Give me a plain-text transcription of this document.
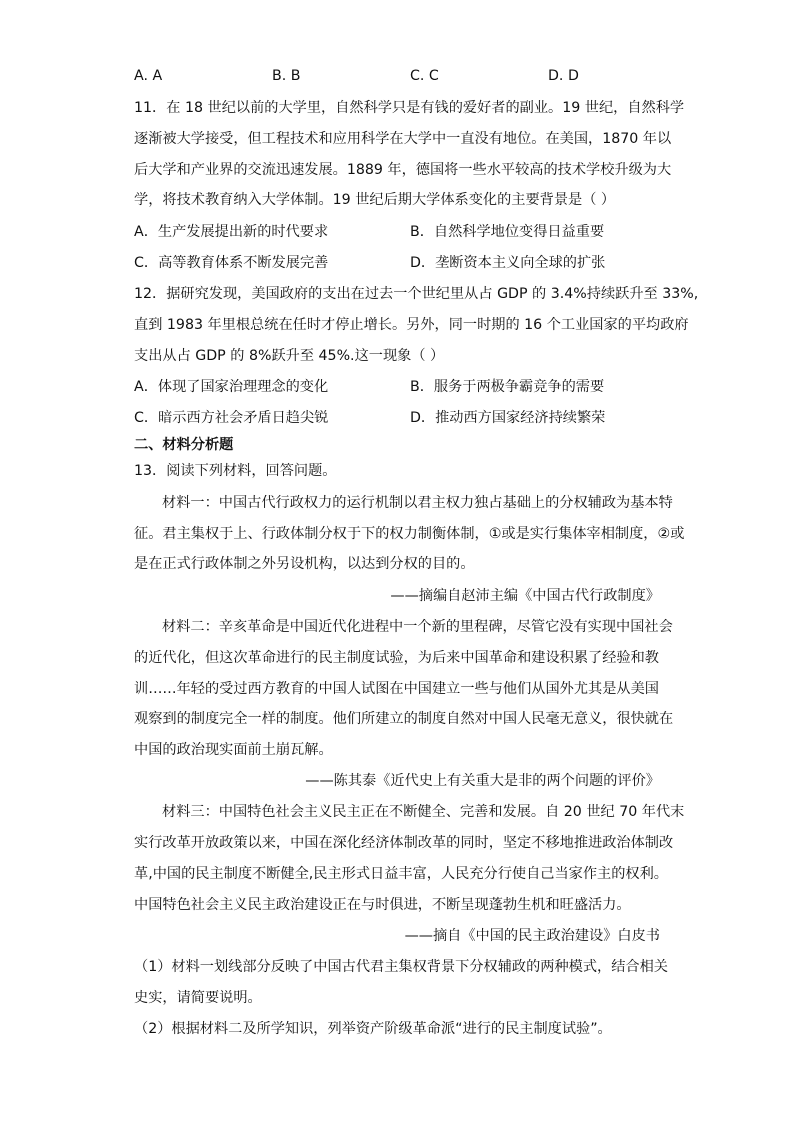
A. A	B. B	C. C	D. D
11．在 18 世纪以前的大学里，自然科学只是有钱的爱好者的副业。19 世纪，自然科学
逐渐被大学接受，但工程技术和应用科学在大学中一直没有地位。在美国，1870 年以
后大学和产业界的交流迅速发展。1889 年，德国将一些水平较高的技术学校升级为大
学，将技术教育纳入大学体制。19 世纪后期大学体系变化的主要背景是（ ）
A．生产发展提出新的时代要求	B．自然科学地位变得日益重要
C．高等教育体系不断发展完善	D．垄断资本主义向全球的扩张
12．据研究发现，美国政府的支出在过去一个世纪里从占 GDP 的 3.4%持续跃升至 33%,
直到 1983 年里根总统在任时才停止增长。另外，同一时期的 16 个工业国家的平均政府
支出从占 GDP 的 8%跃升至 45%.这一现象（ ）
A．体现了国家治理理念的变化	B．服务于两极争霸竞争的需要
C．暗示西方社会矛盾日趋尖锐	D．推动西方国家经济持续繁荣
二、材料分析题
13．阅读下列材料，回答问题。
材料一：中国古代行政权力的运行机制以君主权力独占基础上的分权辅政为基本特
征。君主集权于上、行政体制分权于下的权力制衡体制，①或是实行集体宰相制度，②或
是在正式行政体制之外另设机构，以达到分权的目的。
——摘编自赵沛主编《中国古代行政制度》
材料二：辛亥革命是中国近代化进程中一个新的里程碑，尽管它没有实现中国社会
的近代化，但这次革命进行的民主制度试验，为后来中国革命和建设积累了经验和教
训……年轻的受过西方教育的中国人试图在中国建立一些与他们从国外尤其是从美国
观察到的制度完全一样的制度。他们所建立的制度自然对中国人民毫无意义，很快就在
中国的政治现实面前土崩瓦解。
——陈其泰《近代史上有关重大是非的两个问题的评价》
材料三：中国特色社会主义民主正在不断健全、完善和发展。自 20 世纪 70 年代末
实行改革开放政策以来，中国在深化经济体制改革的同时，坚定不移地推进政治体制改
革,中国的民主制度不断健全,民主形式日益丰富，人民充分行使自己当家作主的权利。
中国特色社会主义民主政治建设正在与时俱进，不断呈现蓬勃生机和旺盛活力。
——摘自《中国的民主政治建设》白皮书
（1）材料一划线部分反映了中国古代君主集权背景下分权辅政的两种模式，结合相关
史实，请简要说明。
（2）根据材料二及所学知识，列举资产阶级革命派“进行的民主制度试验”。
